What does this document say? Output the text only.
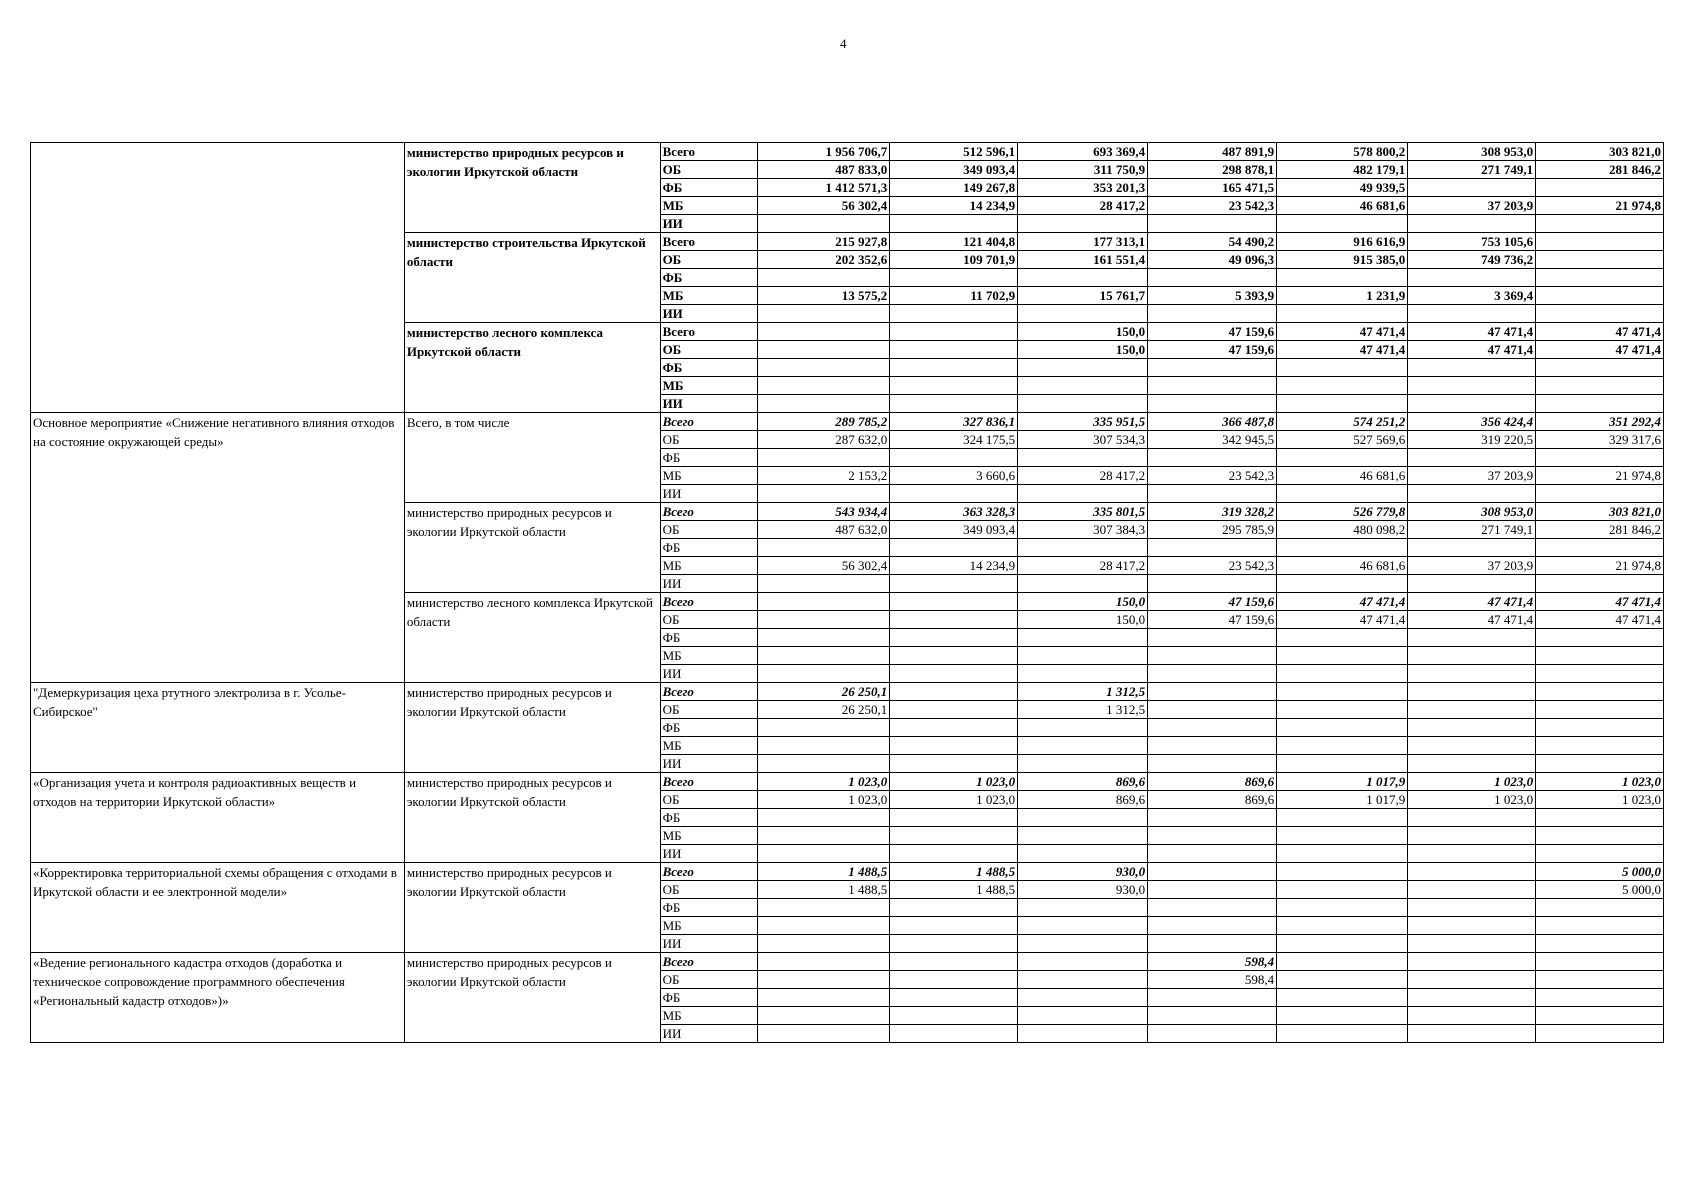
4
	министерство природных ресурсов и экологии Иркутской области	Всего	1 956 706,7	512 596,1	693 369,4	487 891,9	578 800,2	308 953,0	303 821,0
		ОБ	487 833,0	349 093,4	311 750,9	298 878,1	482 179,1	271 749,1	281 846,2
		ФБ	1 412 571,3	149 267,8	353 201,3	165 471,5	49 939,5		
		МБ	56 302,4	14 234,9	28 417,2	23 542,3	46 681,6	37 203,9	21 974,8
		ИИ							
	министерство строительства Иркутской области	Всего	215 927,8	121 404,8	177 313,1	54 490,2	916 616,9	753 105,6	
		ОБ	202 352,6	109 701,9	161 551,4	49 096,3	915 385,0	749 736,2	
		ФБ							
		МБ	13 575,2	11 702,9	15 761,7	5 393,9	1 231,9	3 369,4	
		ИИ							
	министерство лесного комплекса Иркутской области	Всего			150,0	47 159,6	47 471,4	47 471,4	47 471,4
		ОБ			150,0	47 159,6	47 471,4	47 471,4	47 471,4
		ФБ							
		МБ							
		ИИ							
Основное мероприятие «Снижение негативного влияния отходов на состояние окружающей среды»	Всего, в том числе	Всего	289 785,2	327 836,1	335 951,5	366 487,8	574 251,2	356 424,4	351 292,4
		ОБ	287 632,0	324 175,5	307 534,3	342 945,5	527 569,6	319 220,5	329 317,6
		ФБ							
		МБ	2 153,2	3 660,6	28 417,2	23 542,3	46 681,6	37 203,9	21 974,8
		ИИ							
	министерство природных ресурсов и экологии Иркутской области	Всего	543 934,4	363 328,3	335 801,5	319 328,2	526 779,8	308 953,0	303 821,0
		ОБ	487 632,0	349 093,4	307 384,3	295 785,9	480 098,2	271 749,1	281 846,2
		ФБ							
		МБ	56 302,4	14 234,9	28 417,2	23 542,3	46 681,6	37 203,9	21 974,8
		ИИ							
	министерство лесного комплекса Иркутской области	Всего			150,0	47 159,6	47 471,4	47 471,4	47 471,4
		ОБ			150,0	47 159,6	47 471,4	47 471,4	47 471,4
		ФБ							
		МБ							
		ИИ							
"Демеркуризация цеха ртутного электролиза в г. Усолье-Сибирское"	министерство природных ресурсов и экологии Иркутской области	Всего	26 250,1		1 312,5				
		ОБ	26 250,1		1 312,5				
		ФБ							
		МБ							
		ИИ							
«Организация учета и контроля радиоактивных веществ и отходов на территории Иркутской области»	министерство природных ресурсов и экологии Иркутской области	Всего	1 023,0	1 023,0	869,6	869,6	1 017,9	1 023,0	1 023,0
		ОБ	1 023,0	1 023,0	869,6	869,6	1 017,9	1 023,0	1 023,0
		ФБ							
		МБ							
		ИИ							
«Корректировка территориальной схемы обращения с отходами в Иркутской области и ее электронной модели»	министерство природных ресурсов и экологии Иркутской области	Всего	1 488,5	1 488,5	930,0				5 000,0
		ОБ	1 488,5	1 488,5	930,0				5 000,0
		ФБ							
		МБ							
		ИИ							
«Ведение регионального кадастра отходов (доработка и техническое сопровождение программного обеспечения «Региональный кадастр отходов»)»	министерство природных ресурсов и экологии Иркутской области	Всего				598,4			
		ОБ				598,4			
		ФБ							
		МБ							
		ИИ							
